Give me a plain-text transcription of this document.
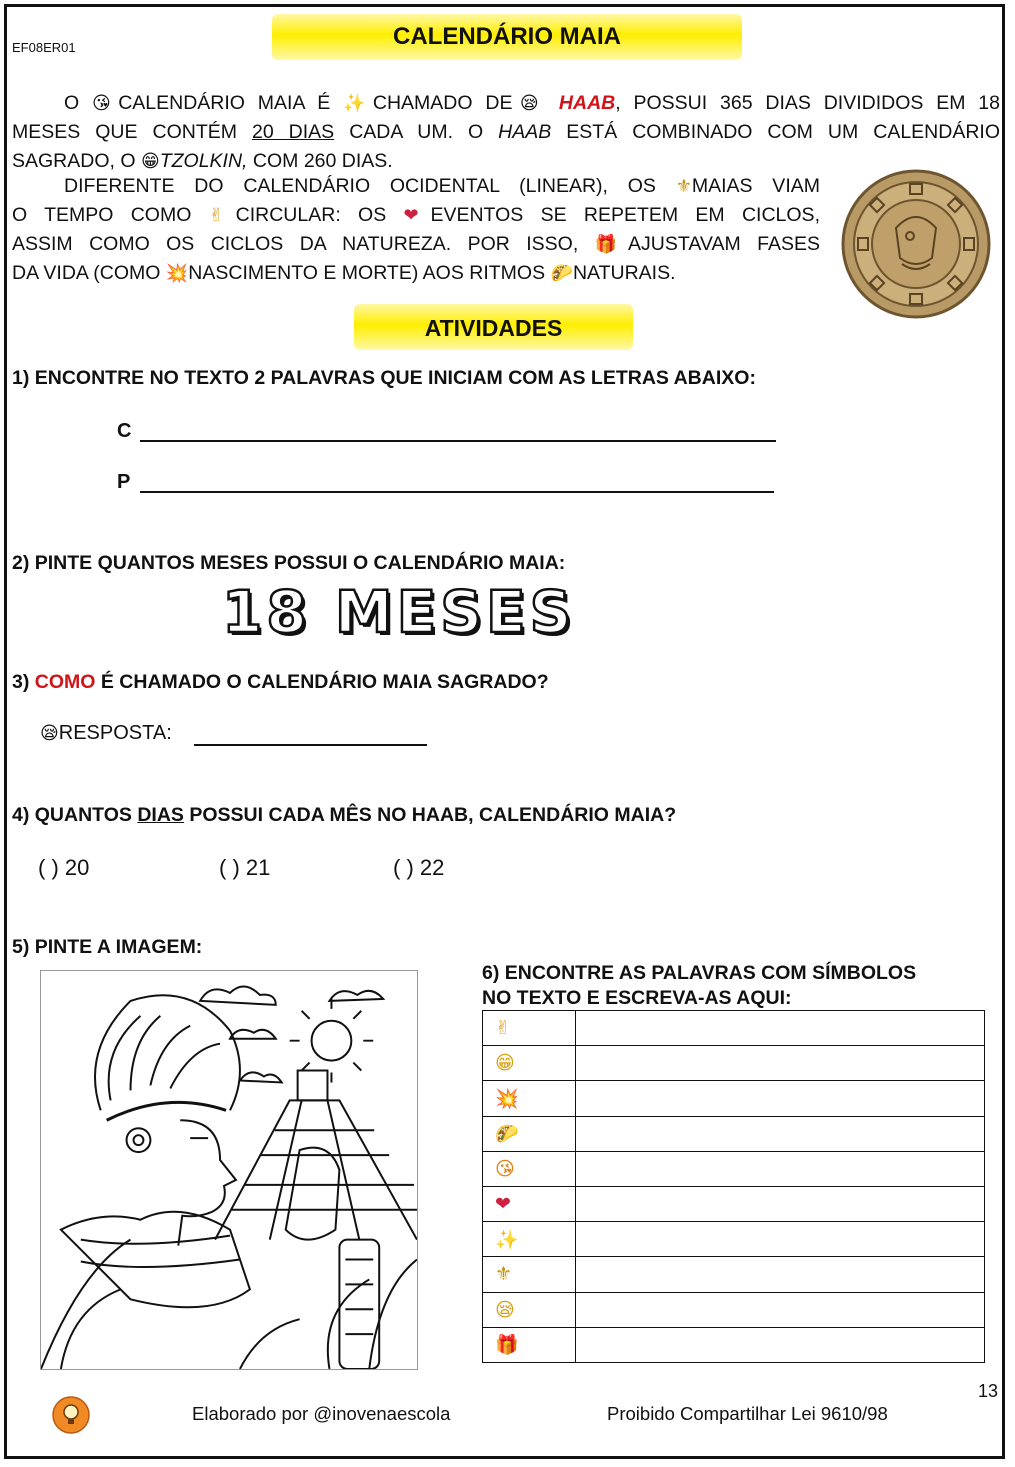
EF08ER01	CALENDÁRIO MAIA
O 😘CALENDÁRIO MAIA É ✨CHAMADO DE😪 HAAB, POSSUI 365 DIAS DIVIDIDOS EM 18
MESES QUE CONTÉM 20 DIAS CADA UM. O HAAB ESTÁ COMBINADO COM UM CALENDÁRIO
SAGRADO, O 😁TZOLKIN, COM 260 DIAS.
DIFERENTE DO CALENDÁRIO OCIDENTAL (LINEAR), OS ⚜MAIAS VIAM
O TEMPO COMO ✌CIRCULAR: OS ❤EVENTOS SE REPETEM EM CICLOS,
ASSIM COMO OS CICLOS DA NATUREZA. POR ISSO, 🎁AJUSTAVAM FASES
DA VIDA (COMO 💥NASCIMENTO E MORTE) AOS RITMOS 🌮NATURAIS.
ATIVIDADES
1) ENCONTRE NO TEXTO 2 PALAVRAS QUE INICIAM COM AS LETRAS ABAIXO:
C
P
2) PINTE QUANTOS MESES POSSUI O CALENDÁRIO MAIA:
18 MESES
3) COMO É CHAMADO O CALENDÁRIO MAIA SAGRADO?
😪RESPOSTA:
4) QUANTOS DIAS POSSUI CADA MÊS NO HAAB, CALENDÁRIO MAIA?
( ) 20	( ) 21	( ) 22
5) PINTE A IMAGEM:
6) ENCONTRE AS PALAVRAS COM SÍMBOLOS
NO TEXTO E ESCREVA-AS AQUI:
✌	
😁	
💥	
🌮	
😘	
❤	
✨	
⚜	
😪	
🎁	
13
Elaborado por @inovenaescola	Proibido Compartilhar Lei 9610/98
